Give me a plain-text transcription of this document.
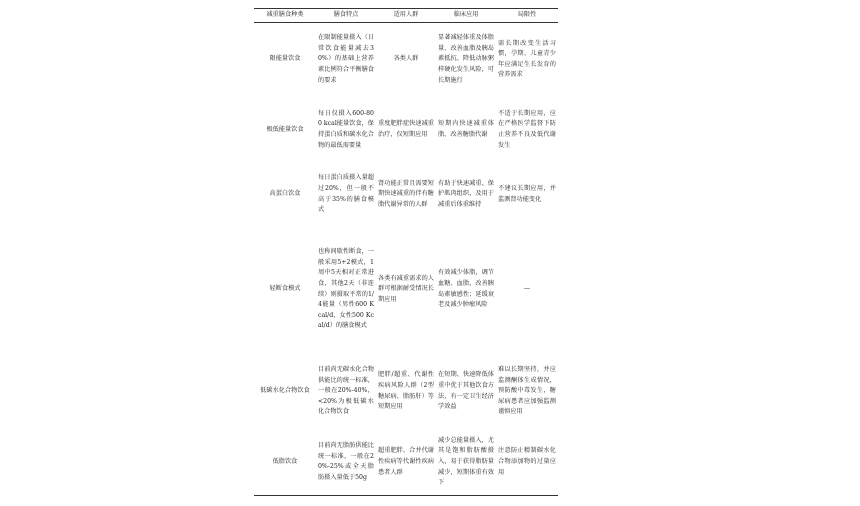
减重膳食种类	膳食特点	适用人群	临床应用	局限性
限能量饮食	在限制能量摄入（日常饮食能量减去30%）的基础上营养素比例符合平衡膳食的要求	各类人群	显著减轻体重及体脂量、改善血脂及胰岛素抵抗、降低动脉粥样硬化发生风险，可长期施行	需长期改变生活习惯，孕期、儿童青少年应满足生长发育的营养需求
极低能量饮食	每日仅摄入600-800 kcal能量饮食，保持蛋白质和碳水化合物的最低需要量	重度肥胖症快速减重治疗，仅短期应用	短期内快速减重体脂、改善糖脂代谢	不适于长期应用，应在严格医学监督下防止营养不良及低代谢发生
高蛋白饮食	每日蛋白质摄入量超过20%，但一般不高于35%的膳食模式	肾功能正常且需要短期快速减重的伴有糖脂代谢异常的人群	有助于快速减重、保护肌肉组织、及用于减重后体重维持	不建议长期应用，并监测肾功能变化
轻断食模式	也称间歇性断食，一般采用5+2模式，1周中5天相对正常进食，其他2天（非连续）则摄取平常的1/4能量（男性600 Kcal/d，女性500 Kcal/d）的膳食模式	各类有减重需求的人群可根据耐受情况长期应用	有效减少体脂，调节血糖、血脂，改善胰岛素敏感性；延缓衰老及减少肿瘤风险	—
低碳水化合物饮食	目前尚无碳水化合物供能比的统一标准，一般在20%-40%，<20%为极低碳水化合物饮食	肥胖/超重、代谢性疾病风险人群（2型糖尿病、脂肪肝）等短期应用	在短期、快速降低体重中优于其他饮食方法，有一定卫生经济学效益	难以长期坚持，并应监测酮体生成情况，预防酸中毒发生，糖尿病患者应加强监测谨慎应用
低脂饮食	目前尚无脂肪供能比统一标准，一般在20%-25%或全天脂肪摄入量低于50g	超重肥胖、合并代谢性疾病等代谢性疾病患者人群	减少总能量摄入，尤其是饱和脂肪酸摄入，易于获得脂肪量减少，短期体重有效下	注意防止精制碳水化合物添加物的过量应用
